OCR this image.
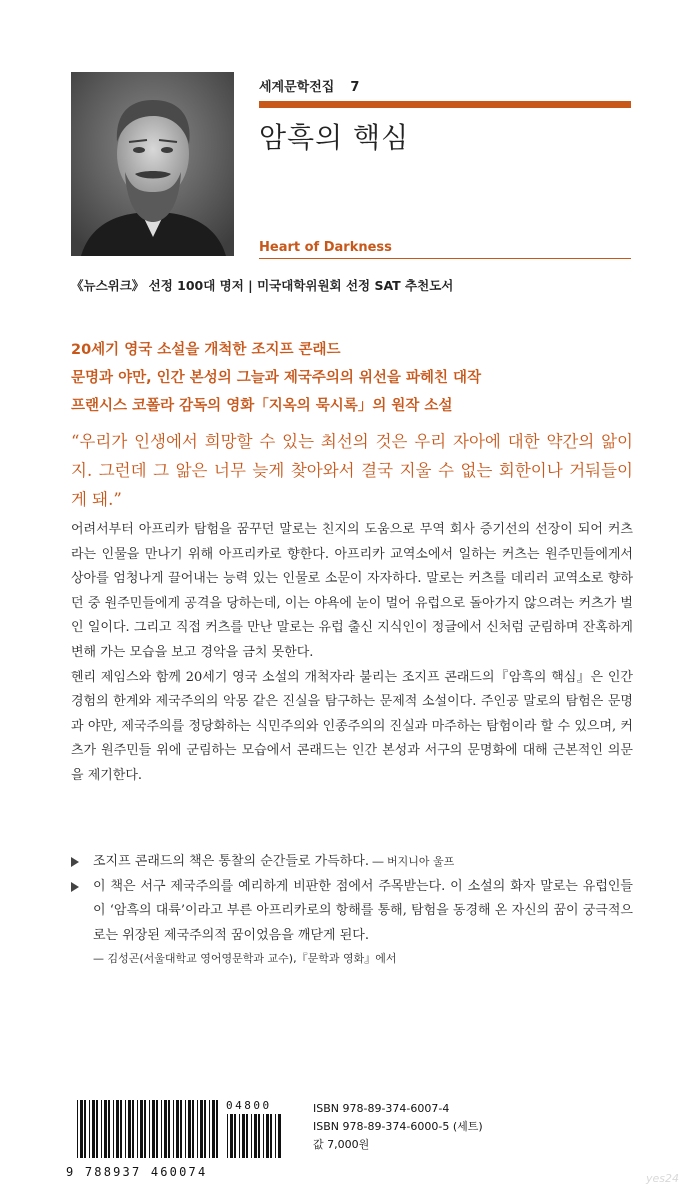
세계문학전집 7
암흑의 핵심
Heart of Darkness
《뉴스위크》 선정 100대 명저 | 미국대학위원회 선정 SAT 추천도서
20세기 영국 소설을 개척한 조지프 콘래드
문명과 야만, 인간 본성의 그늘과 제국주의의 위선을 파헤친 대작
프랜시스 코폴라 감독의 영화「지옥의 묵시록」의 원작 소설
“우리가 인생에서 희망할 수 있는 최선의 것은 우리 자아에 대한 약간의 앎이지. 그런데 그 앎은 너무 늦게 찾아와서 결국 지울 수 없는 회한이나 거둬들이게 돼.”

어려서부터 아프리카 탐험을 꿈꾸던 말로는 친지의 도움으로 무역 회사 증기선의 선장이 되어 커츠라는 인물을 만나기 위해 아프리카로 향한다. 아프리카 교역소에서 일하는 커츠는 원주민들에게서 상아를 엄청나게 끌어내는 능력 있는 인물로 소문이 자자하다. 말로는 커츠를 데리러 교역소로 향하던 중 원주민들에게 공격을 당하는데, 이는 야욕에 눈이 멀어 유럽으로 돌아가지 않으려는 커츠가 벌인 일이다. 그리고 직접 커츠를 만난 말로는 유럽 출신 지식인이 정글에서 신처럼 군림하며 잔혹하게 변해 가는 모습을 보고 경악을 금치 못한다.

헨리 제임스와 함께 20세기 영국 소설의 개척자라 불리는 조지프 콘래드의『암흑의 핵심』은 인간 경험의 한계와 제국주의의 악몽 같은 진실을 탐구하는 문제적 소설이다. 주인공 말로의 탐험은 문명과 야만, 제국주의를 정당화하는 식민주의와 인종주의의 진실과 마주하는 탐험이라 할 수 있으며, 커츠가 원주민들 위에 군림하는 모습에서 콘래드는 인간 본성과 서구의 문명화에 대해 근본적인 의문을 제기한다.

조지프 콘래드의 책은 통찰의 순간들로 가득하다. ― 버지니아 울프
이 책은 서구 제국주의를 예리하게 비판한 점에서 주목받는다. 이 소설의 화자 말로는 유럽인들이 ‘암흑의 대륙’이라고 부른 아프리카로의 항해를 통해, 탐험을 동경해 온 자신의 꿈이 궁극적으로는 위장된 제국주의적 꿈이었음을 깨닫게 된다.
— 김성곤(서울대학교 영어영문학과 교수),『문학과 영화』에서
9 788937 460074
04800	ISBN 978-89-374-6007-4
ISBN 978-89-374-6000-5 (세트)
값 7,000원
yes24
